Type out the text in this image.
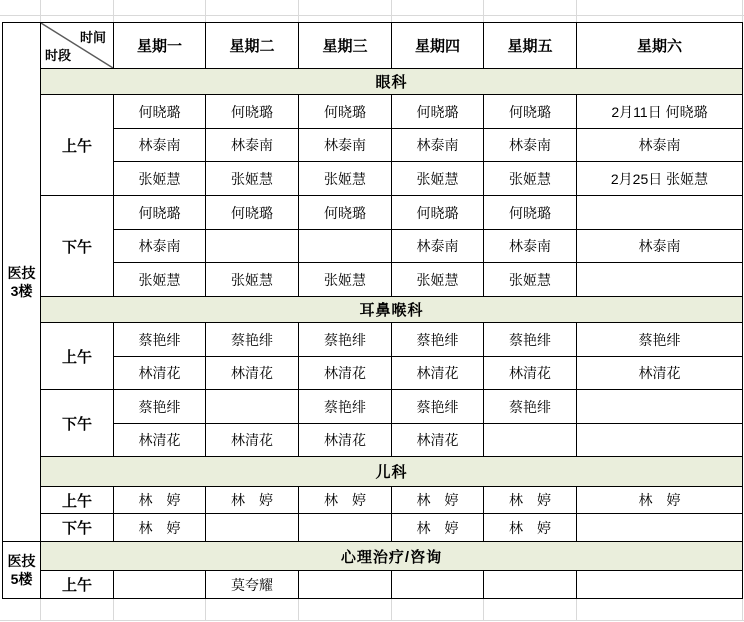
医技
3楼

时间
时段
	星期一	星期二	星期三	星期四	星期五	星期六
	眼科						
	上午	何晓璐	何晓璐	何晓璐	何晓璐	何晓璐	2月11日 何晓璐
		林泰南	林泰南	林泰南	林泰南	林泰南	林泰南
		张姬慧	张姬慧	张姬慧	张姬慧	张姬慧	2月25日 张姬慧
	下午	何晓璐	何晓璐	何晓璐	何晓璐	何晓璐	
		林泰南			林泰南	林泰南	林泰南
		张姬慧	张姬慧	张姬慧	张姬慧	张姬慧	
	耳鼻喉科						
	上午	蔡艳绯	蔡艳绯	蔡艳绯	蔡艳绯	蔡艳绯	蔡艳绯
		林清花	林清花	林清花	林清花	林清花	林清花
	下午	蔡艳绯		蔡艳绯	蔡艳绯	蔡艳绯	
		林清花	林清花	林清花	林清花		
	儿科						
	上午	林　婷	林　婷	林　婷	林　婷	林　婷	林　婷
	下午	林　婷			林　婷	林　婷	

医技
5楼	心理治疗/咨询						
	上午		莫夸耀				
